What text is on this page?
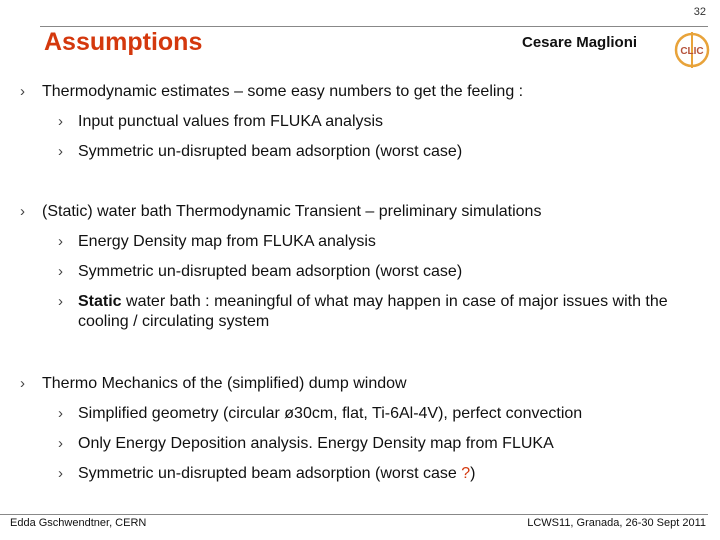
32
Assumptions	Cesare Maglioni
CLIC
› Thermodynamic estimates – some easy numbers to get the feeling :
› Input punctual values from FLUKA analysis
› Symmetric un-disrupted beam adsorption (worst case)
› (Static) water bath Thermodynamic Transient – preliminary simulations
› Energy Density map from FLUKA analysis
› Symmetric un-disrupted beam adsorption (worst case)
› Static water bath : meaningful of what may happen in case of major issues with the cooling / circulating system
› Thermo Mechanics of the (simplified) dump window
› Simplified geometry (circular ø30cm, flat, Ti-6Al-4V), perfect convection
› Only Energy Deposition analysis. Energy Density map from FLUKA
› Symmetric un-disrupted beam adsorption (worst case ?)
Edda Gschwendtner, CERN	LCWS11, Granada, 26-30 Sept 2011
